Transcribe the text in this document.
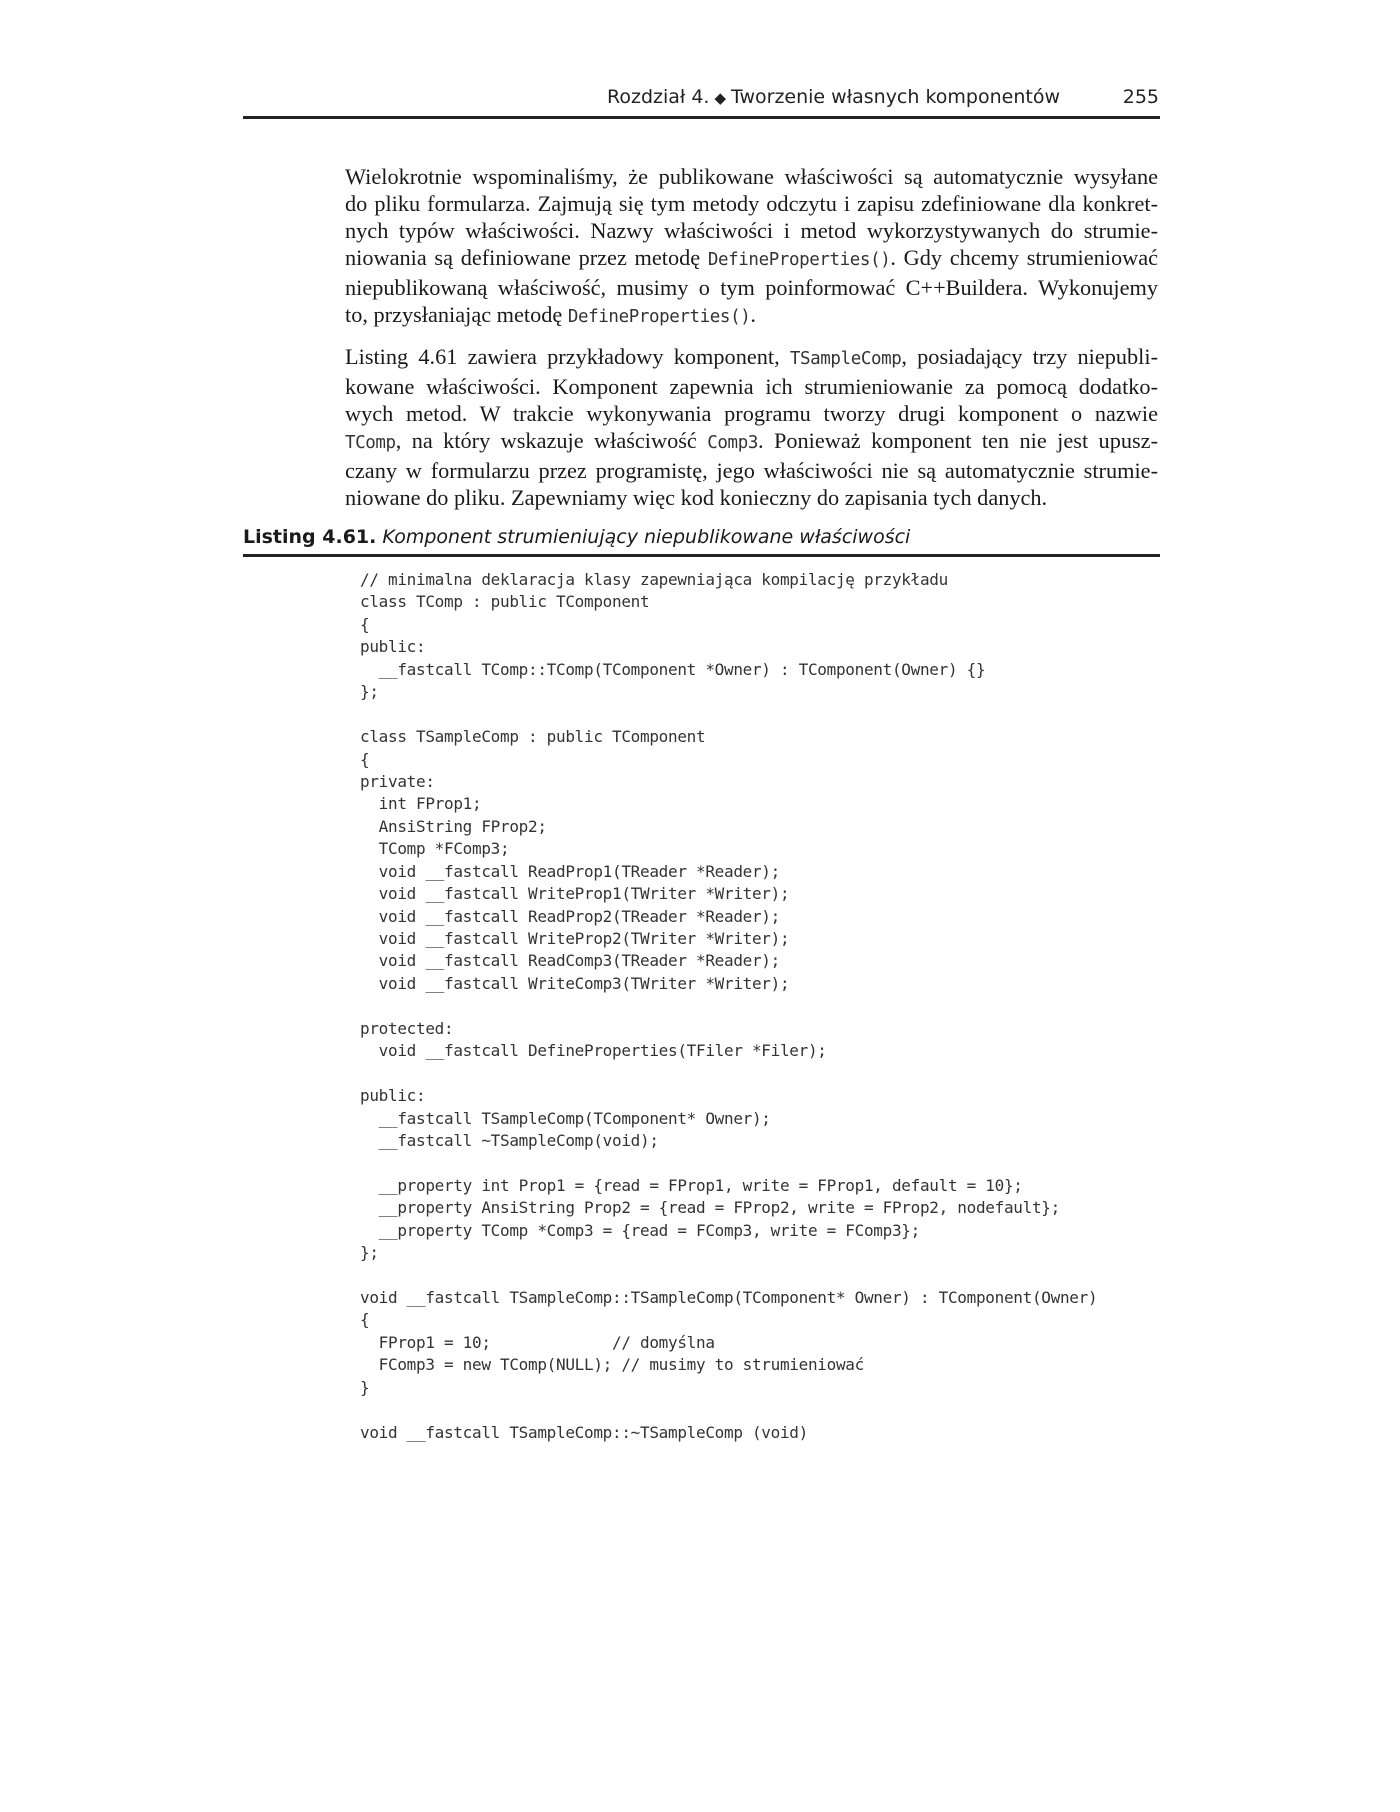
Rozdział 4. ◆ Tworzenie własnych komponentów	255
Wielokrotnie wspominaliśmy, że publikowane właściwości są automatycznie wysyłane
do pliku formularza. Zajmują się tym metody odczytu i zapisu zdefiniowane dla konkret-
nych typów właściwości. Nazwy właściwości i metod wykorzystywanych do strumie-
niowania są definiowane przez metodę DefineProperties(). Gdy chcemy strumieniować
niepublikowaną właściwość, musimy o tym poinformować C++Buildera. Wykonujemy
to, przysłaniając metodę DefineProperties().
Listing 4.61 zawiera przykładowy komponent, TSampleComp, posiadający trzy niepubli-
kowane właściwości. Komponent zapewnia ich strumieniowanie za pomocą dodatko-
wych metod. W trakcie wykonywania programu tworzy drugi komponent o nazwie
TComp, na który wskazuje właściwość Comp3. Ponieważ komponent ten nie jest upusz-
czany w formularzu przez programistę, jego właściwości nie są automatycznie strumie-
niowane do pliku. Zapewniamy więc kod konieczny do zapisania tych danych.
Listing 4.61. Komponent strumieniujący niepublikowane właściwości
// minimalna deklaracja klasy zapewniająca kompilację przykładu
class TComp : public TComponent
{
public:
__fastcall TComp::TComp(TComponent *Owner) : TComponent(Owner) {}
};
class TSampleComp : public TComponent
{
private:
int FProp1;
AnsiString FProp2;
TComp *FComp3;
void __fastcall ReadProp1(TReader *Reader);
void __fastcall WriteProp1(TWriter *Writer);
void __fastcall ReadProp2(TReader *Reader);
void __fastcall WriteProp2(TWriter *Writer);
void __fastcall ReadComp3(TReader *Reader);
void __fastcall WriteComp3(TWriter *Writer);
protected:
void __fastcall DefineProperties(TFiler *Filer);
public:
__fastcall TSampleComp(TComponent* Owner);
__fastcall ~TSampleComp(void);
__property int Prop1 = {read = FProp1, write = FProp1, default = 10};
__property AnsiString Prop2 = {read = FProp2, write = FProp2, nodefault};
__property TComp *Comp3 = {read = FComp3, write = FComp3};
};
void __fastcall TSampleComp::TSampleComp(TComponent* Owner) : TComponent(Owner)
{
FProp1 = 10;             // domyślna
FComp3 = new TComp(NULL); // musimy to strumieniować
}
void __fastcall TSampleComp::~TSampleComp (void)
